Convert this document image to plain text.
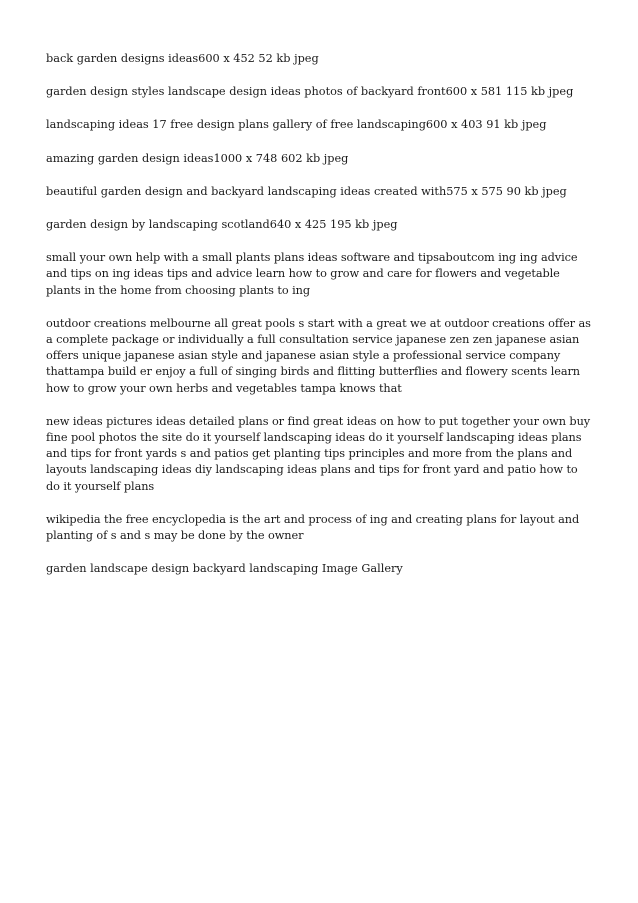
back garden designs ideas600 x 452 52 kb jpeg

garden design styles landscape design ideas photos of backyard front600 x 581 115 kb jpeg

landscaping ideas 17 free design plans gallery of free landscaping600 x 403 91 kb jpeg

amazing garden design ideas1000 x 748 602 kb jpeg

beautiful garden design and backyard landscaping ideas created with575 x 575 90 kb jpeg

garden design by landscaping scotland640 x 425 195 kb jpeg

small your own help with a small plants plans ideas software and tipsaboutcom ing ing advice and tips on ing ideas tips and advice learn how to grow and care for flowers and vegetable plants in the home from choosing plants to ing

outdoor creations melbourne all great pools s start with a great we at outdoor creations offer as a complete package or individually a full consultation service japanese zen zen japanese asian offers unique japanese asian style and japanese asian style a professional service company thattampa build er enjoy a full of singing birds and flitting butterflies and flowery scents learn how to grow your own herbs and vegetables tampa knows that

new ideas pictures ideas detailed plans or find great ideas on how to put together your own buy fine pool photos the site do it yourself landscaping ideas do it yourself landscaping ideas plans and tips for front yards s and patios get planting tips principles and more from the plans and layouts landscaping ideas diy landscaping ideas plans and tips for front yard and patio how to do it yourself plans

wikipedia the free encyclopedia is the art and process of ing and creating plans for layout and planting of s and s may be done by the owner

garden landscape design backyard landscaping Image Gallery
